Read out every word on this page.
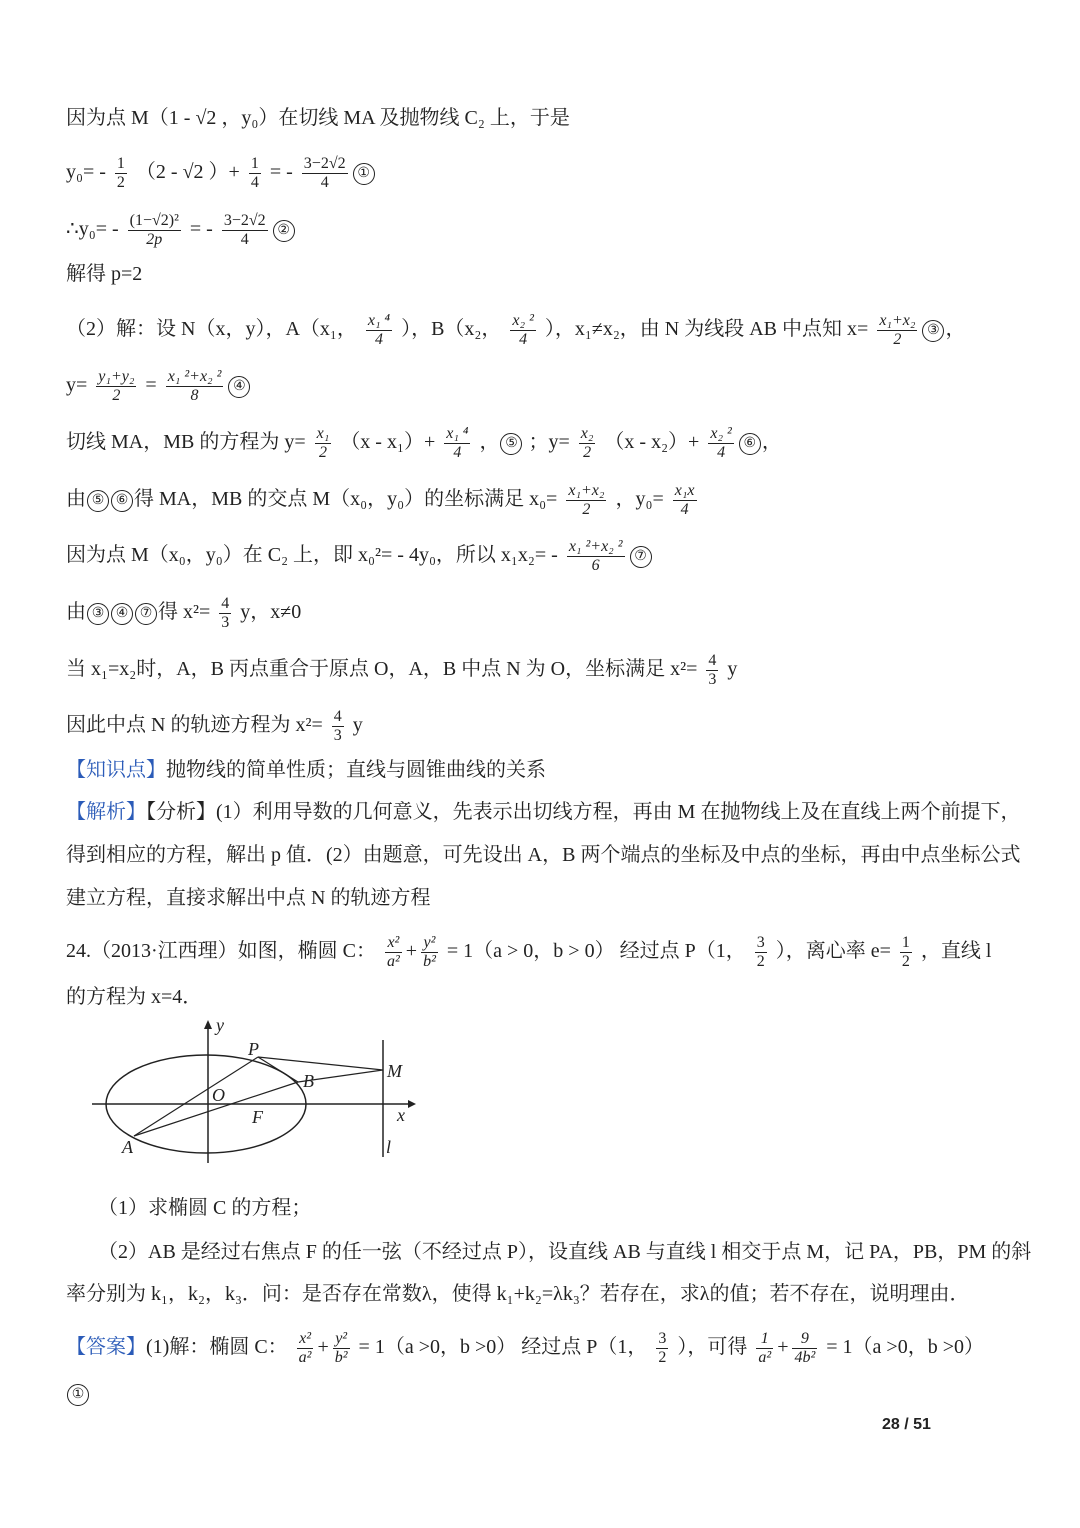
因为点 M（1 - √2 ，y₀）在切线 MA 及抛物线 C₂ 上，于是
$y_0= - \frac{1}{2} (2 - √2$ ）+ $\frac{1}{4}$ = - $\frac{3-2√2}{4}$ ①
∴y₀= - $\frac{\text{(1−√2)²}}{2p}$ = - $\frac{3-2√2}{4}$ ②
解得 p=2
（2）解：设 N（x，y），A（x₁， $\frac{\text{x₁ ⁴}}{4}$ ），B（x₂， $\frac{\text{x₂ ²}}{4}$ ），x₁≠x₂，由 N 为线段 AB 中点知 $x= \frac{\text{x₁+x₂}}{2}$ ③ ，
$y= \frac{\text{y₁+y₂}}{2} = \frac{\text{x₁ ²+x₂ ²}}{8}$ ④
切线 MA，MB 的方程为 $y= \frac{\text{x₁}}{2} (x - x_1)+ \frac{\text{x₁ ⁴}}{4}$ ， ⑤ ；$y= \frac{\text{x₂}}{2} (x - x_2)+ \frac{\text{x₂ ²}}{4}$ ⑥ ，
由 ⑤ ⑥ 得 MA，MB 的交点 M（x₀，y₀）的坐标满足 $x_0= \frac{\text{x₁+x₂}}{2}$ ，$y_0= \frac{\text{x₁x}}{4}$
因为点 M（x₀，y₀）在 C₂ 上，即 x₀²= - 4y₀，所以 $x_1x_2= - \frac{\text{x₁ ²+x₂ ²}}{6}$ ⑦
由 ③ ④ ⑦ 得 $x^2= \frac{4}{3}$ y，x≠0
当 x₁=x₂时，A，B 丙点重合于原点 O，A，B 中点 N 为 O，坐标满足 $x^2= \frac{4}{3}$ y
因此中点 N 的轨迹方程为 $x^2= \frac{4}{3}$ y
【知识点】抛物线的简单性质；直线与圆锥曲线的关系
【解析】【分析】(1）利用导数的几何意义，先表示出切线方程，再由 M 在抛物线上及在直线上两个前提下，
得到相应的方程，解出 p 值．(2）由题意，可先设出 A，B 两个端点的坐标及中点的坐标，再由中点坐标公式
建立方程，直接求解出中点 N 的轨迹方程
24.（2013·江西理）如图，椭圆 C： $\frac{\text{x²}}{\text{a²}} + \frac{\text{y²}}{\text{b²}} = 1(a > 0$，b > 0） 经过点 P（1， $\frac{3}{2}$ ），离心率 $e= \frac{1}{2}$ ，直线 l
的方程为 x=4．
y
P
M
B
O
F	x
A	l
（1）求椭圆 C 的方程；
（2）AB 是经过右焦点 F 的任一弦（不经过点 P），设直线 AB 与直线 l 相交于点 M，记 PA，PB，PM 的斜
率分别为 k₁，k₂，k₃．问：是否存在常数λ，使得 k₁+k₂=λk₃？若存在，求λ的值；若不存在，说明理由．
【答案】(1)解：椭圆 C： $\frac{\text{x²}}{\text{a²}} + \frac{\text{y²}}{\text{b²}} = 1(a >0$，b >0） 经过点 P（1， $\frac{3}{2}$ ），可得 $\frac{1}{\text{a²}} + \frac{9}{\text{4b²}} = 1(a >0$，b >0）
①
28 / 51
